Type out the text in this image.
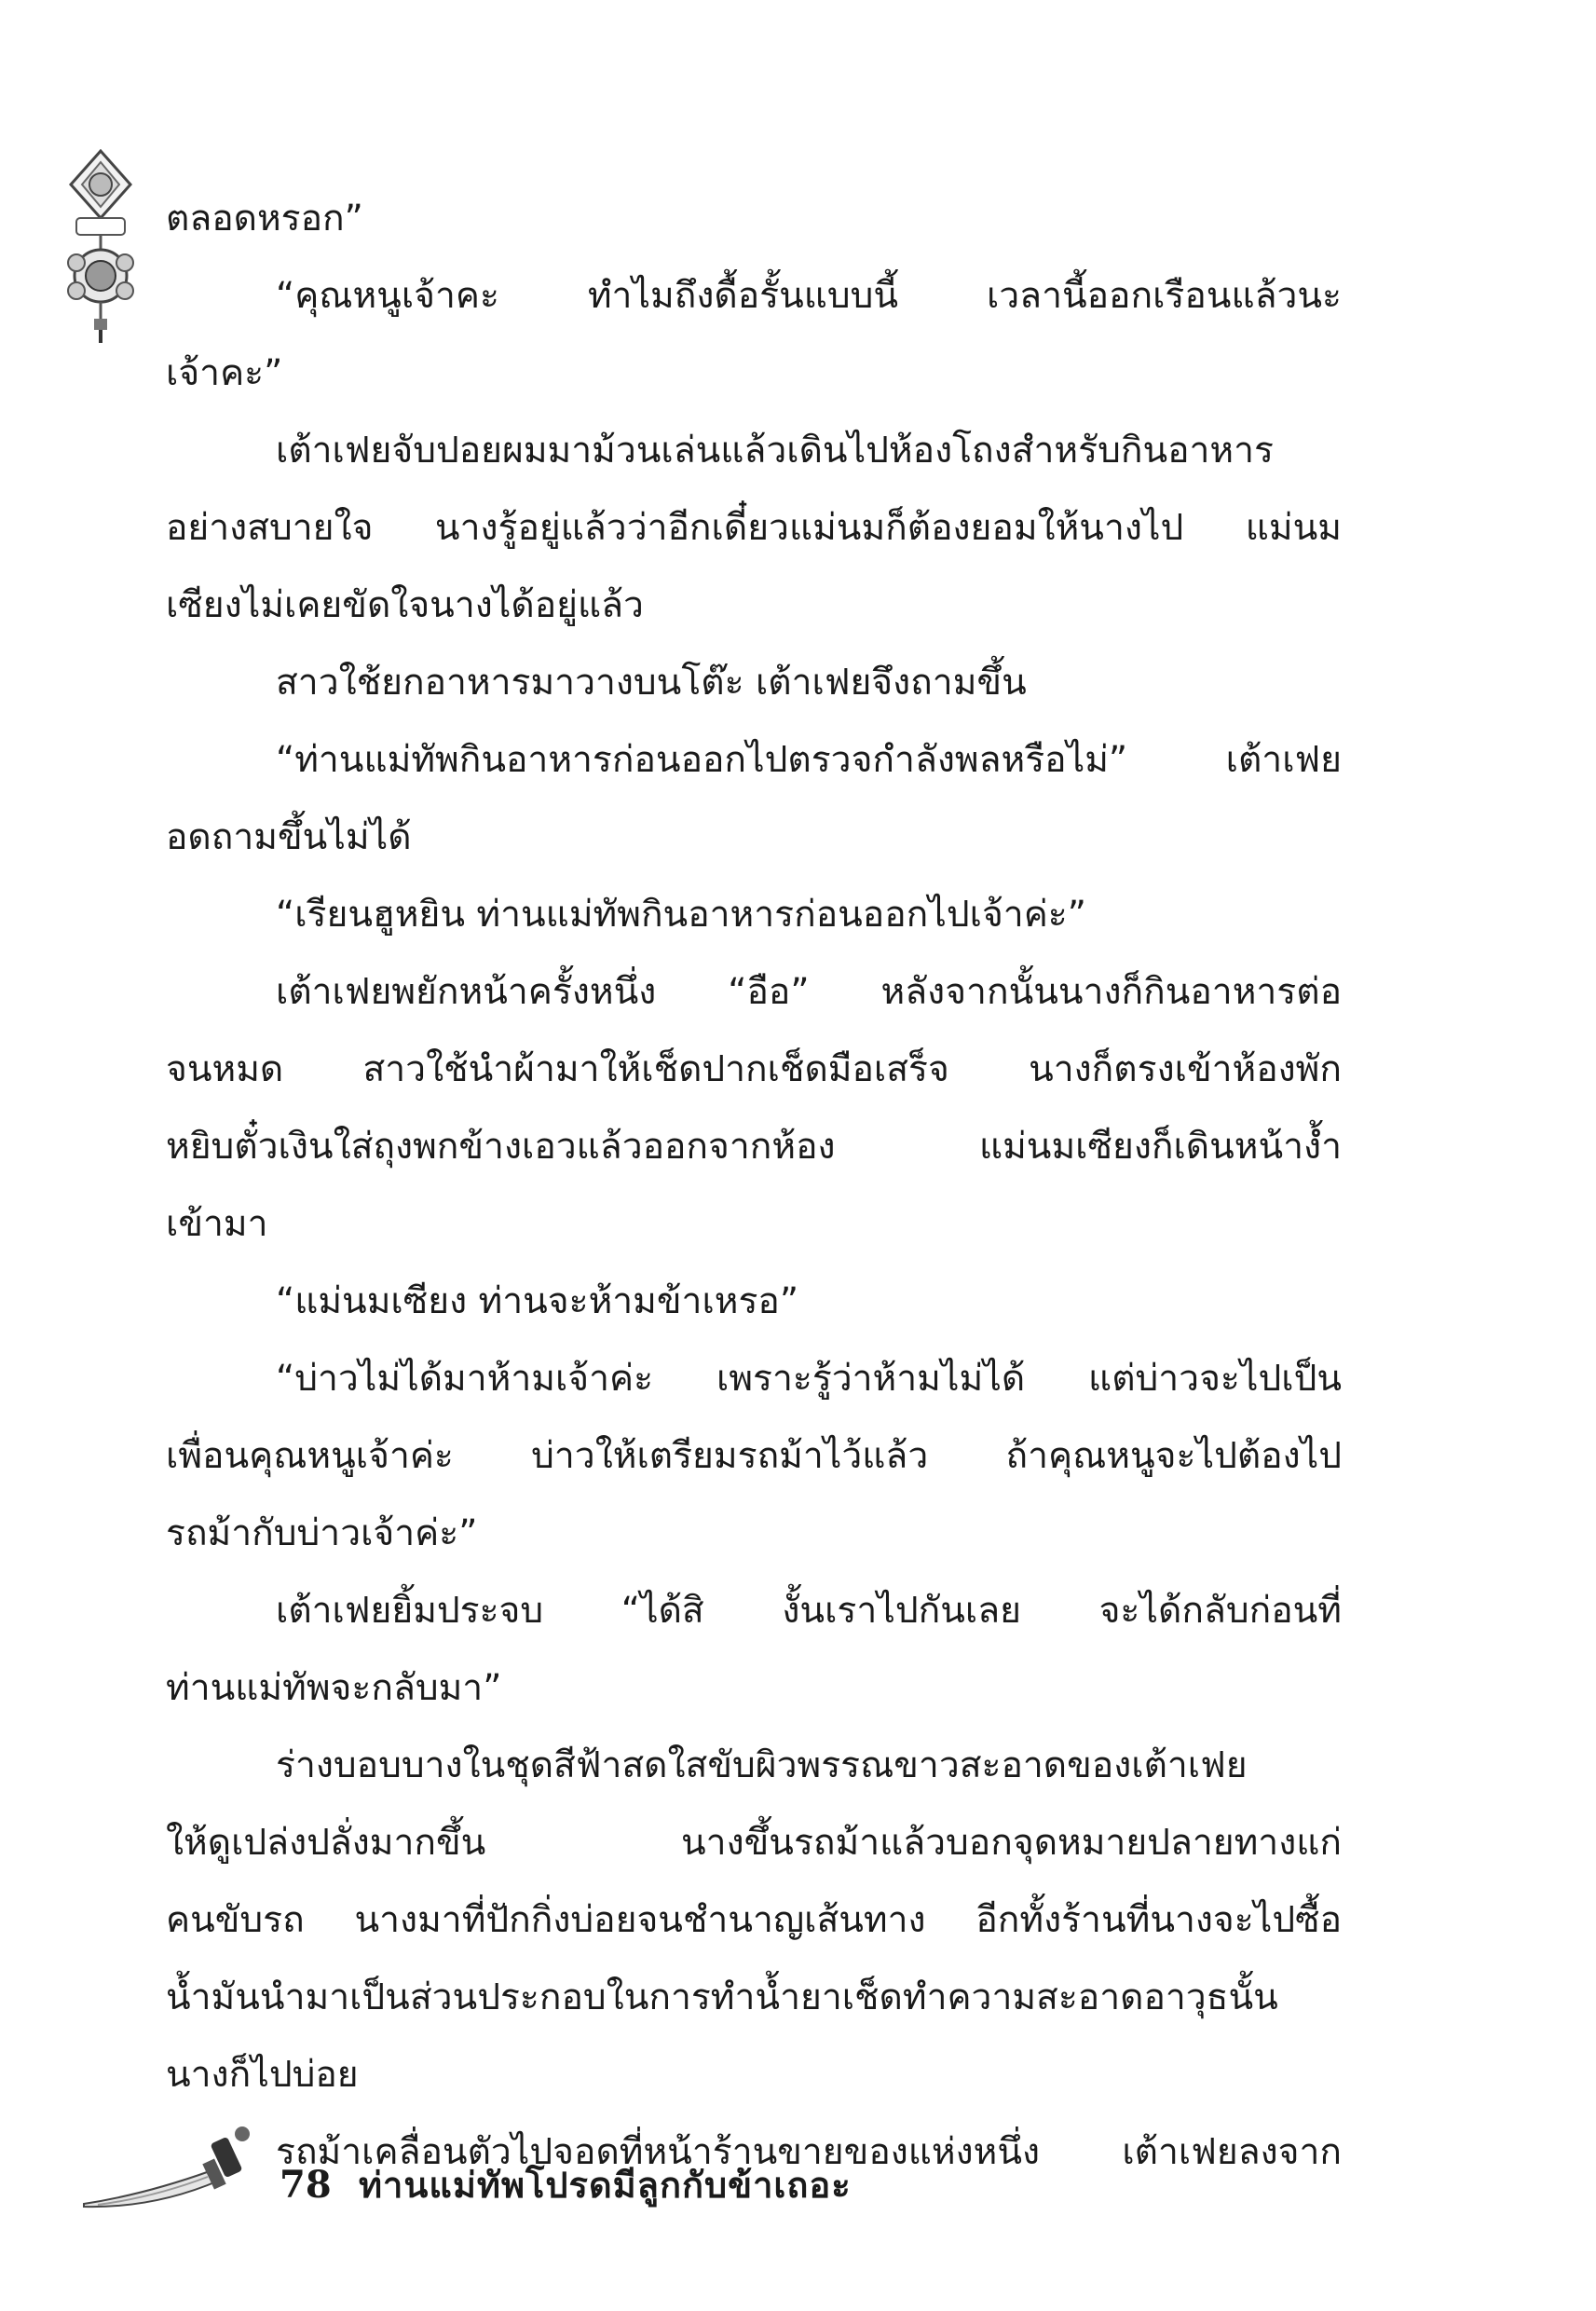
ตลอดหรอก”
“คุณหนูเจ้าคะ ทำไมถึงดื้อรั้นแบบนี้ เวลานี้ออกเรือนแล้วนะ
เจ้าคะ”
เต้าเฟยจับปอยผมมาม้วนเล่นแล้วเดินไปห้องโถงสำหรับกินอาหาร
อย่างสบายใจ นางรู้อยู่แล้วว่าอีกเดี๋ยวแม่นมก็ต้องยอมให้นางไป แม่นม
เซียงไม่เคยขัดใจนางได้อยู่แล้ว
สาวใช้ยกอาหารมาวางบนโต๊ะ เต้าเฟยจึงถามขึ้น
“ท่านแม่ทัพกินอาหารก่อนออกไปตรวจกำลังพลหรือไม่” เต้าเฟย
อดถามขึ้นไม่ได้
“เรียนฮูหยิน ท่านแม่ทัพกินอาหารก่อนออกไปเจ้าค่ะ”
เต้าเฟยพยักหน้าครั้งหนึ่ง “อือ” หลังจากนั้นนางก็กินอาหารต่อ
จนหมด สาวใช้นำผ้ามาให้เช็ดปากเช็ดมือเสร็จ นางก็ตรงเข้าห้องพัก
หยิบตั๋วเงินใส่ถุงพกข้างเอวแล้วออกจากห้อง แม่นมเซียงก็เดินหน้างํ้า
เข้ามา
“แม่นมเซียง ท่านจะห้ามข้าเหรอ”
“บ่าวไม่ได้มาห้ามเจ้าค่ะ เพราะรู้ว่าห้ามไม่ได้ แต่บ่าวจะไปเป็น
เพื่อนคุณหนูเจ้าค่ะ บ่าวให้เตรียมรถม้าไว้แล้ว ถ้าคุณหนูจะไปต้องไป
รถม้ากับบ่าวเจ้าค่ะ”
เต้าเฟยยิ้มประจบ “ได้สิ งั้นเราไปกันเลย จะได้กลับก่อนที่
ท่านแม่ทัพจะกลับมา”
ร่างบอบบางในชุดสีฟ้าสดใสขับผิวพรรณขาวสะอาดของเต้าเฟย
ให้ดูเปล่งปลั่งมากขึ้น นางขึ้นรถม้าแล้วบอกจุดหมายปลายทางแก่
คนขับรถ นางมาที่ปักกิ่งบ่อยจนชำนาญเส้นทาง อีกทั้งร้านที่นางจะไปซื้อ
นํ้ามันนำมาเป็นส่วนประกอบในการทำนํ้ายาเช็ดทำความสะอาดอาวุธนั้น
นางก็ไปบ่อย
รถม้าเคลื่อนตัวไปจอดที่หน้าร้านขายของแห่งหนึ่ง เต้าเฟยลงจาก
78 ท่านแม่ทัพโปรดมีลูกกับข้าเถอะ
